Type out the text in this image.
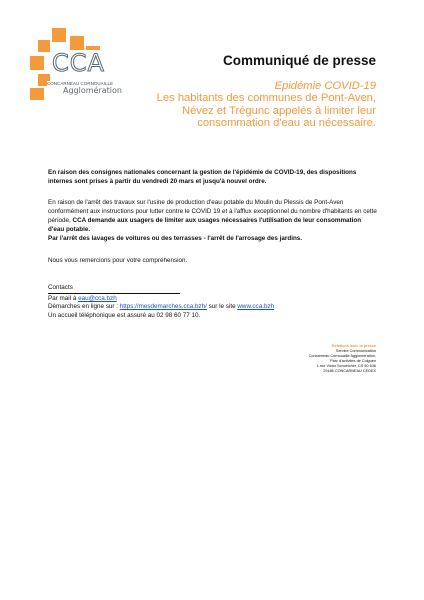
CCA
CONCARNEAU CORNOUAILLE
Agglomération
Communiqué de presse
Epidémie COVID-19
Les habitants des communes de Pont-Aven, Névez et Trégunc appelés à limiter leur consommation d'eau au nécessaire.
En raison des consignes nationales concernant la gestion de l'épidémie de COVID-19, des dispositions internes sont prises à partir du vendredi 20 mars et jusqu'à nouvel ordre.
En raison de l'arrêt des travaux sur l'usine de production d'eau potable du Moulin du Plessis de Pont-Aven conformément aux instructions pour lutter contre le COVID 19 et à l'afflux exceptionnel du nombre d'habitants en cette période, CCA demande aux usagers de limiter aux usages nécessaires l'utilisation de leur consommation d'eau potable.
Par l'arrêt des lavages de voitures ou des terrasses - l'arrêt de l'arrosage des jardins.
Nous vous remercions pour votre compréhension.
Contacts
Par mail à eau@cca.bzh
Démarches en ligne sur : https://mesdemarches.cca.bzh/ sur le site www.cca.bzh
Un accueil téléphonique est assuré au 02 98 60 77 10.
Relations avec la presse
Service Communication
Concarneau Cornouaille Agglomération,
Parc d'activités de Colguen
1 rue Victor Schoelcher, CS 50 636
29186 CONCARNEAU CEDEX
